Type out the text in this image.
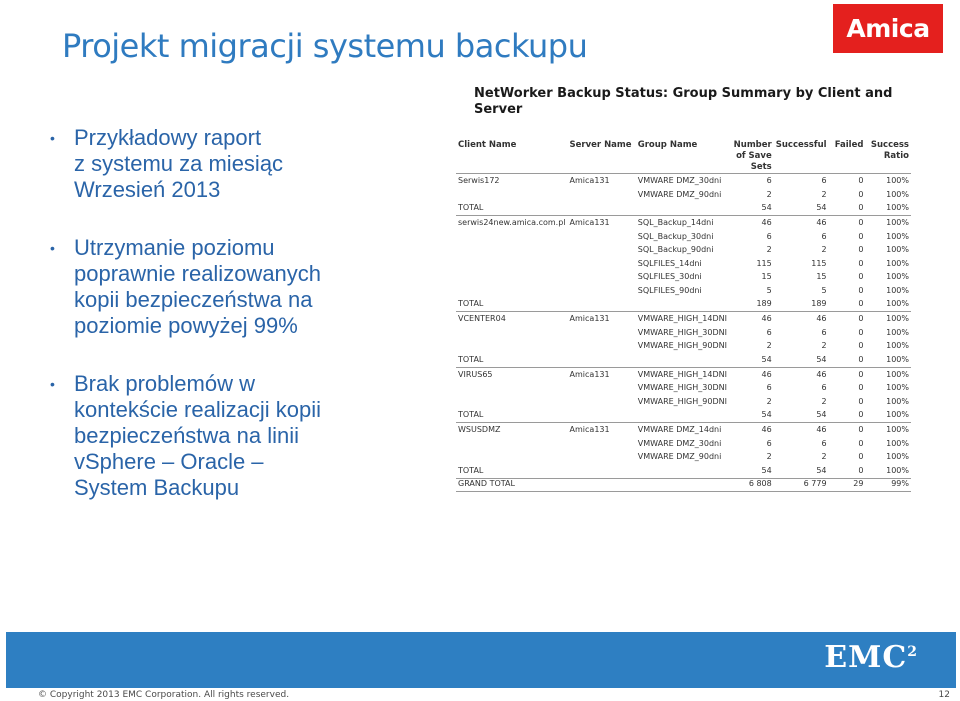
Projekt migracji systemu backupu	Amica
• Przykładowy raport
z systemu za miesiąc
Wrzesień 2013
• Utrzymanie poziomu
poprawnie realizowanych
kopii bezpieczeństwa na
poziomie powyżej 99%
• Brak problemów w
kontekście realizacji kopii
bezpieczeństwa na linii
vSphere – Oracle –
System Backupu
NetWorker Backup Status: Group Summary by Client and
Server
Client Name	Server Name	Group Name	Number of Save Sets	Successful	Failed	Success Ratio
Serwis172	Amica131	VMWARE DMZ_30dni	6	6	0	100%
		VMWARE DMZ_90dni	2	2	0	100%
TOTAL			54	54	0	100%
serwis24new.amica.com.pl	Amica131	SQL_Backup_14dni	46	46	0	100%
		SQL_Backup_30dni	6	6	0	100%
		SQL_Backup_90dni	2	2	0	100%
		SQLFILES_14dni	115	115	0	100%
		SQLFILES_30dni	15	15	0	100%
		SQLFILES_90dni	5	5	0	100%
TOTAL			189	189	0	100%
VCENTER04	Amica131	VMWARE_HIGH_14DNI	46	46	0	100%
		VMWARE_HIGH_30DNI	6	6	0	100%
		VMWARE_HIGH_90DNI	2	2	0	100%
TOTAL			54	54	0	100%
VIRUS65	Amica131	VMWARE_HIGH_14DNI	46	46	0	100%
		VMWARE_HIGH_30DNI	6	6	0	100%
		VMWARE_HIGH_90DNI	2	2	0	100%
TOTAL			54	54	0	100%
WSUSDMZ	Amica131	VMWARE DMZ_14dni	46	46	0	100%
		VMWARE DMZ_30dni	6	6	0	100%
		VMWARE DMZ_90dni	2	2	0	100%
TOTAL			54	54	0	100%
GRAND TOTAL			6 808	6 779	29	99%
EMC$^2$
© Copyright 2013 EMC Corporation. All rights reserved.	12
